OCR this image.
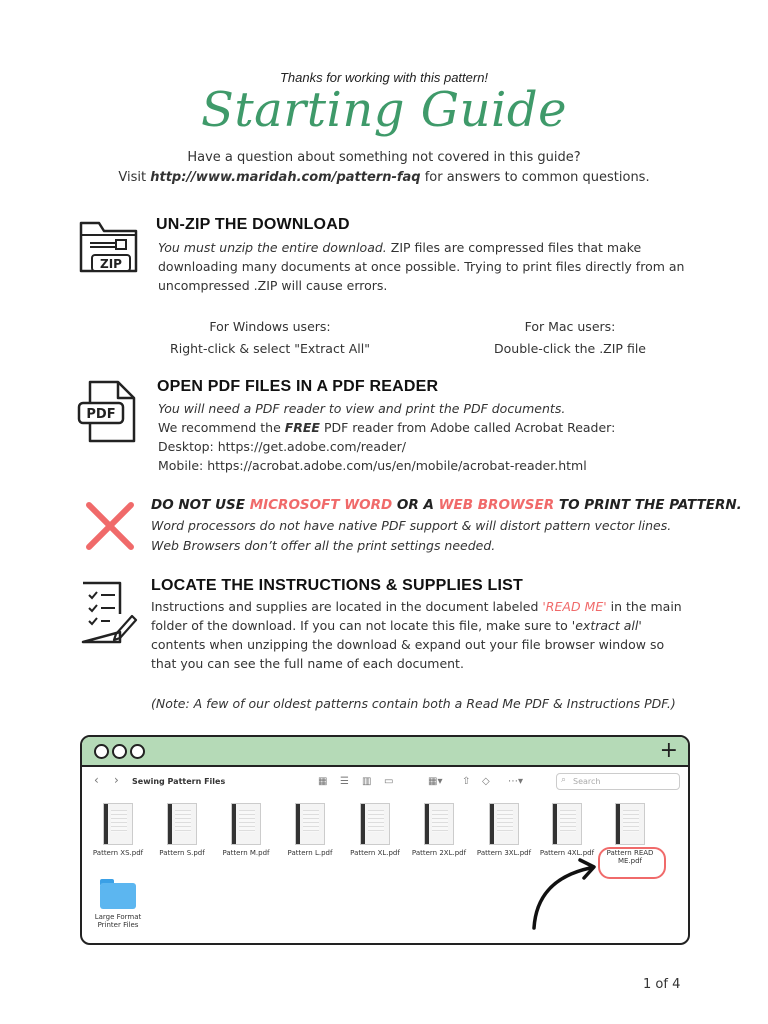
Thanks for working with this pattern!
Starting Guide
Have a question about something not covered in this guide?
Visit http://www.maridah.com/pattern-faq for answers to common questions.
ZIP
UN-ZIP THE DOWNLOAD
You must unzip the entire download. ZIP files are compressed files that make
downloading many documents at once possible. Trying to print files directly from an
uncompressed .ZIP will cause errors.
For Windows users:
Right-click & select "Extract All"
For Mac users:
Double-click the .ZIP file
PDF
OPEN PDF FILES IN A PDF READER
You will need a PDF reader to view and print the PDF documents.
We recommend the FREE PDF reader from Adobe called Acrobat Reader:
Desktop: https://get.adobe.com/reader/
Mobile: https://acrobat.adobe.com/us/en/mobile/acrobat-reader.html
DO NOT USE MICROSOFT WORD OR A WEB BROWSER TO PRINT THE PATTERN.
Word processors do not have native PDF support & will distort pattern vector lines.
Web Browsers don’t offer all the print settings needed.
LOCATE THE INSTRUCTIONS & SUPPLIES LIST
Instructions and supplies are located in the document labeled 'READ ME' in the main
folder of the download. If you can not locate this file, make sure to 'extract all'
contents when unzipping the download & expand out your file browser window so
that you can see the full name of each document.
(Note: A few of our oldest patterns contain both a Read Me PDF & Instructions PDF.)
+
‹ › Sewing Pattern Files	▦ ☰ ▥ ▭	▦▾ ⇧ ◇ ⋯▾	⌕ Search
Pattern XS.pdf	Pattern S.pdf	Pattern M.pdf	Pattern L.pdf	Pattern XL.pdf	Pattern 2XL.pdf	Pattern 3XL.pdf	Pattern 4XL.pdf	Pattern READ ME.pdf
Large Format Printer Files
1 of 4
